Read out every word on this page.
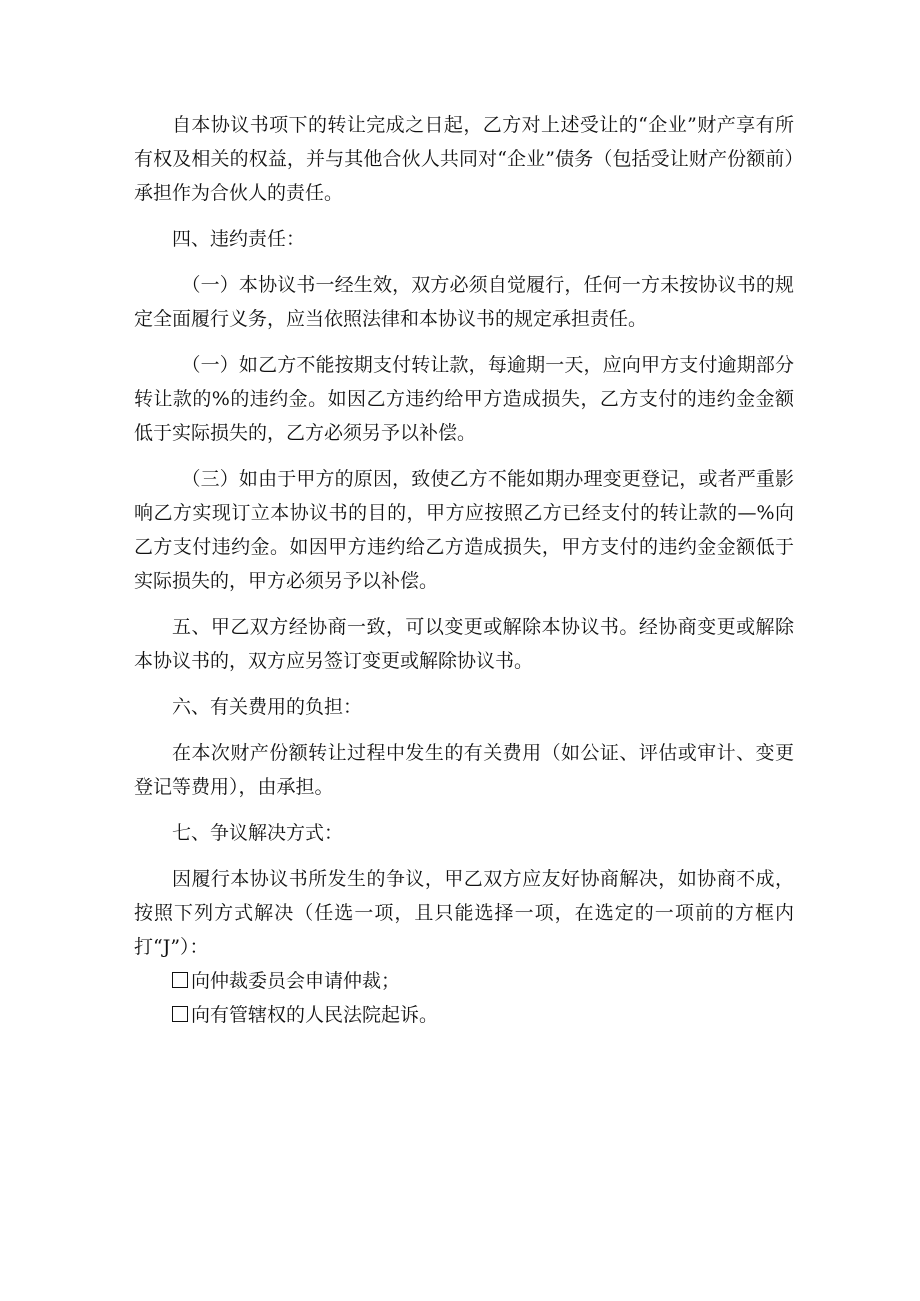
自本协议书项下的转让完成之日起，乙方对上述受让的“企业”财产享有所有权及相关的权益，并与其他合伙人共同对“企业”债务（包括受让财产份额前）承担作为合伙人的责任。

四、违约责任：

（一）本协议书一经生效，双方必须自觉履行，任何一方未按协议书的规定全面履行义务，应当依照法律和本协议书的规定承担责任。

（一）如乙方不能按期支付转让款，每逾期一天，应向甲方支付逾期部分转让款的%的违约金。如因乙方违约给甲方造成损失，乙方支付的违约金金额低于实际损失的，乙方必须另予以补偿。

（三）如由于甲方的原因，致使乙方不能如期办理变更登记，或者严重影响乙方实现订立本协议书的目的，甲方应按照乙方已经支付的转让款的—%向乙方支付违约金。如因甲方违约给乙方造成损失，甲方支付的违约金金额低于实际损失的，甲方必须另予以补偿。

五、甲乙双方经协商一致，可以变更或解除本协议书。经协商变更或解除本协议书的，双方应另签订变更或解除协议书。

六、有关费用的负担：

在本次财产份额转让过程中发生的有关费用（如公证、评估或审计、变更登记等费用），由承担。

七、争议解决方式：

因履行本协议书所发生的争议，甲乙双方应友好协商解决，如协商不成，按照下列方式解决（任选一项，且只能选择一项，在选定的一项前的方框内打“J”）：

向仲裁委员会申请仲裁；

向有管辖权的人民法院起诉。
